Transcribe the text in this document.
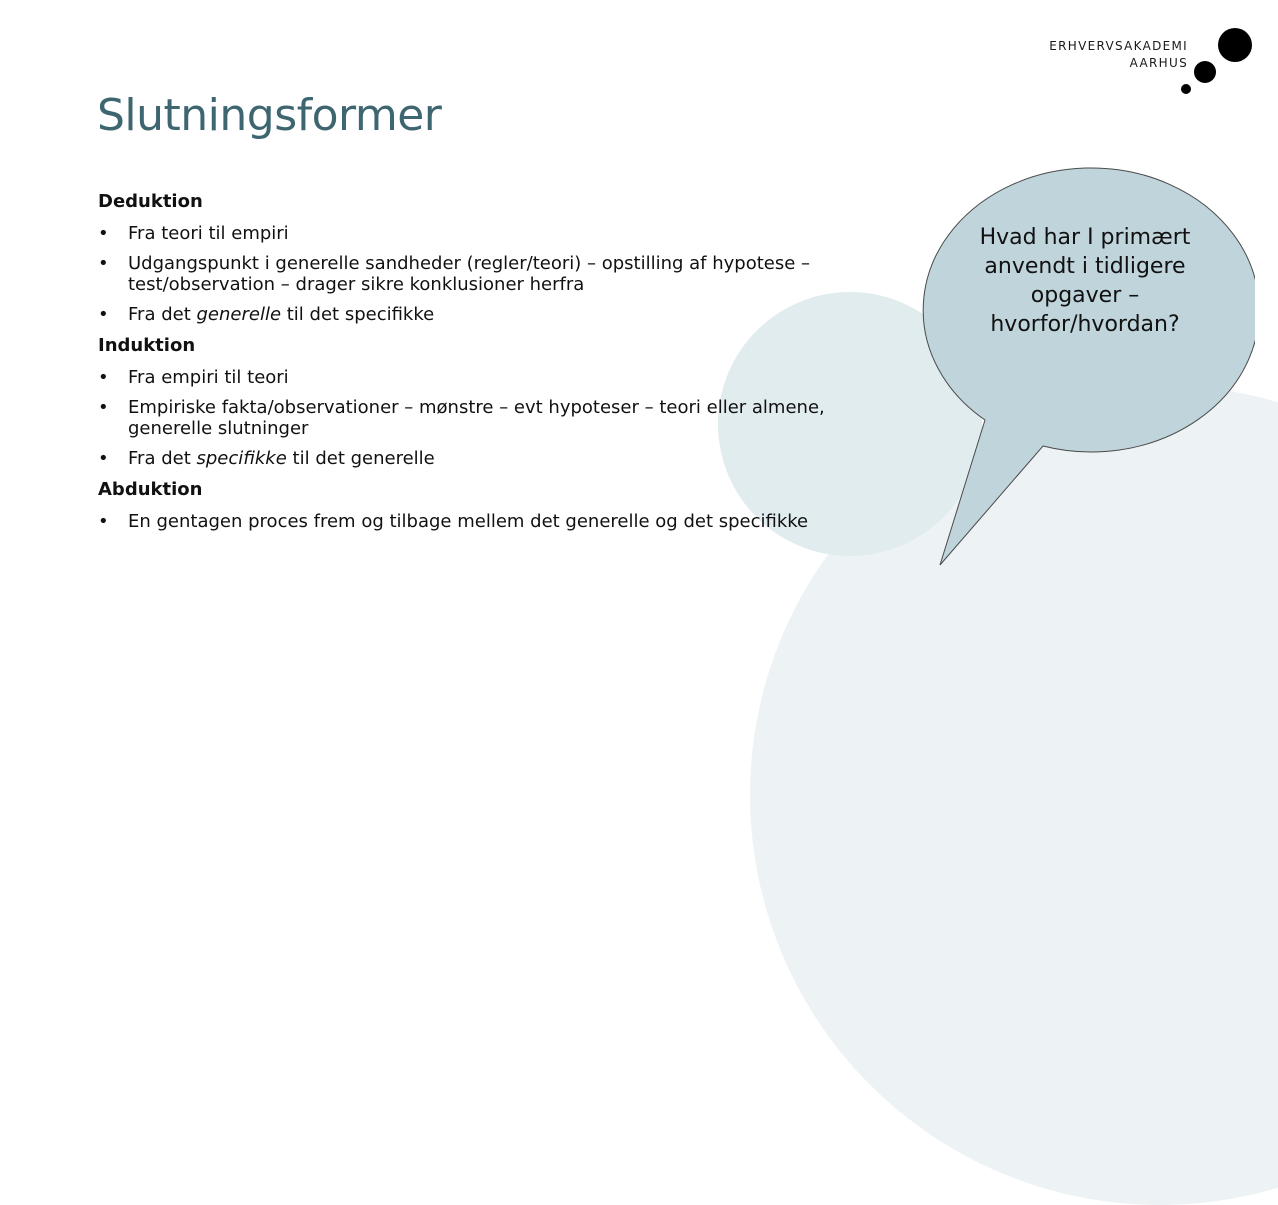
ERHVERVSAKADEMI
AARHUS
Slutningsformer
Deduktion
• Fra teori til empiri
• Udgangspunkt i generelle sandheder (regler/teori) – opstilling af hypotese – test/observation – drager sikre konklusioner herfra
• Fra det generelle til det specifikke
Induktion
• Fra empiri til teori
• Empiriske fakta/observationer – mønstre – evt hypoteser – teori eller almene, generelle slutninger
• Fra det specifikke til det generelle
Abduktion
• En gentagen proces frem og tilbage mellem det generelle og det specifikke
Hvad har I primært anvendt i tidligere opgaver – hvorfor/hvordan?
